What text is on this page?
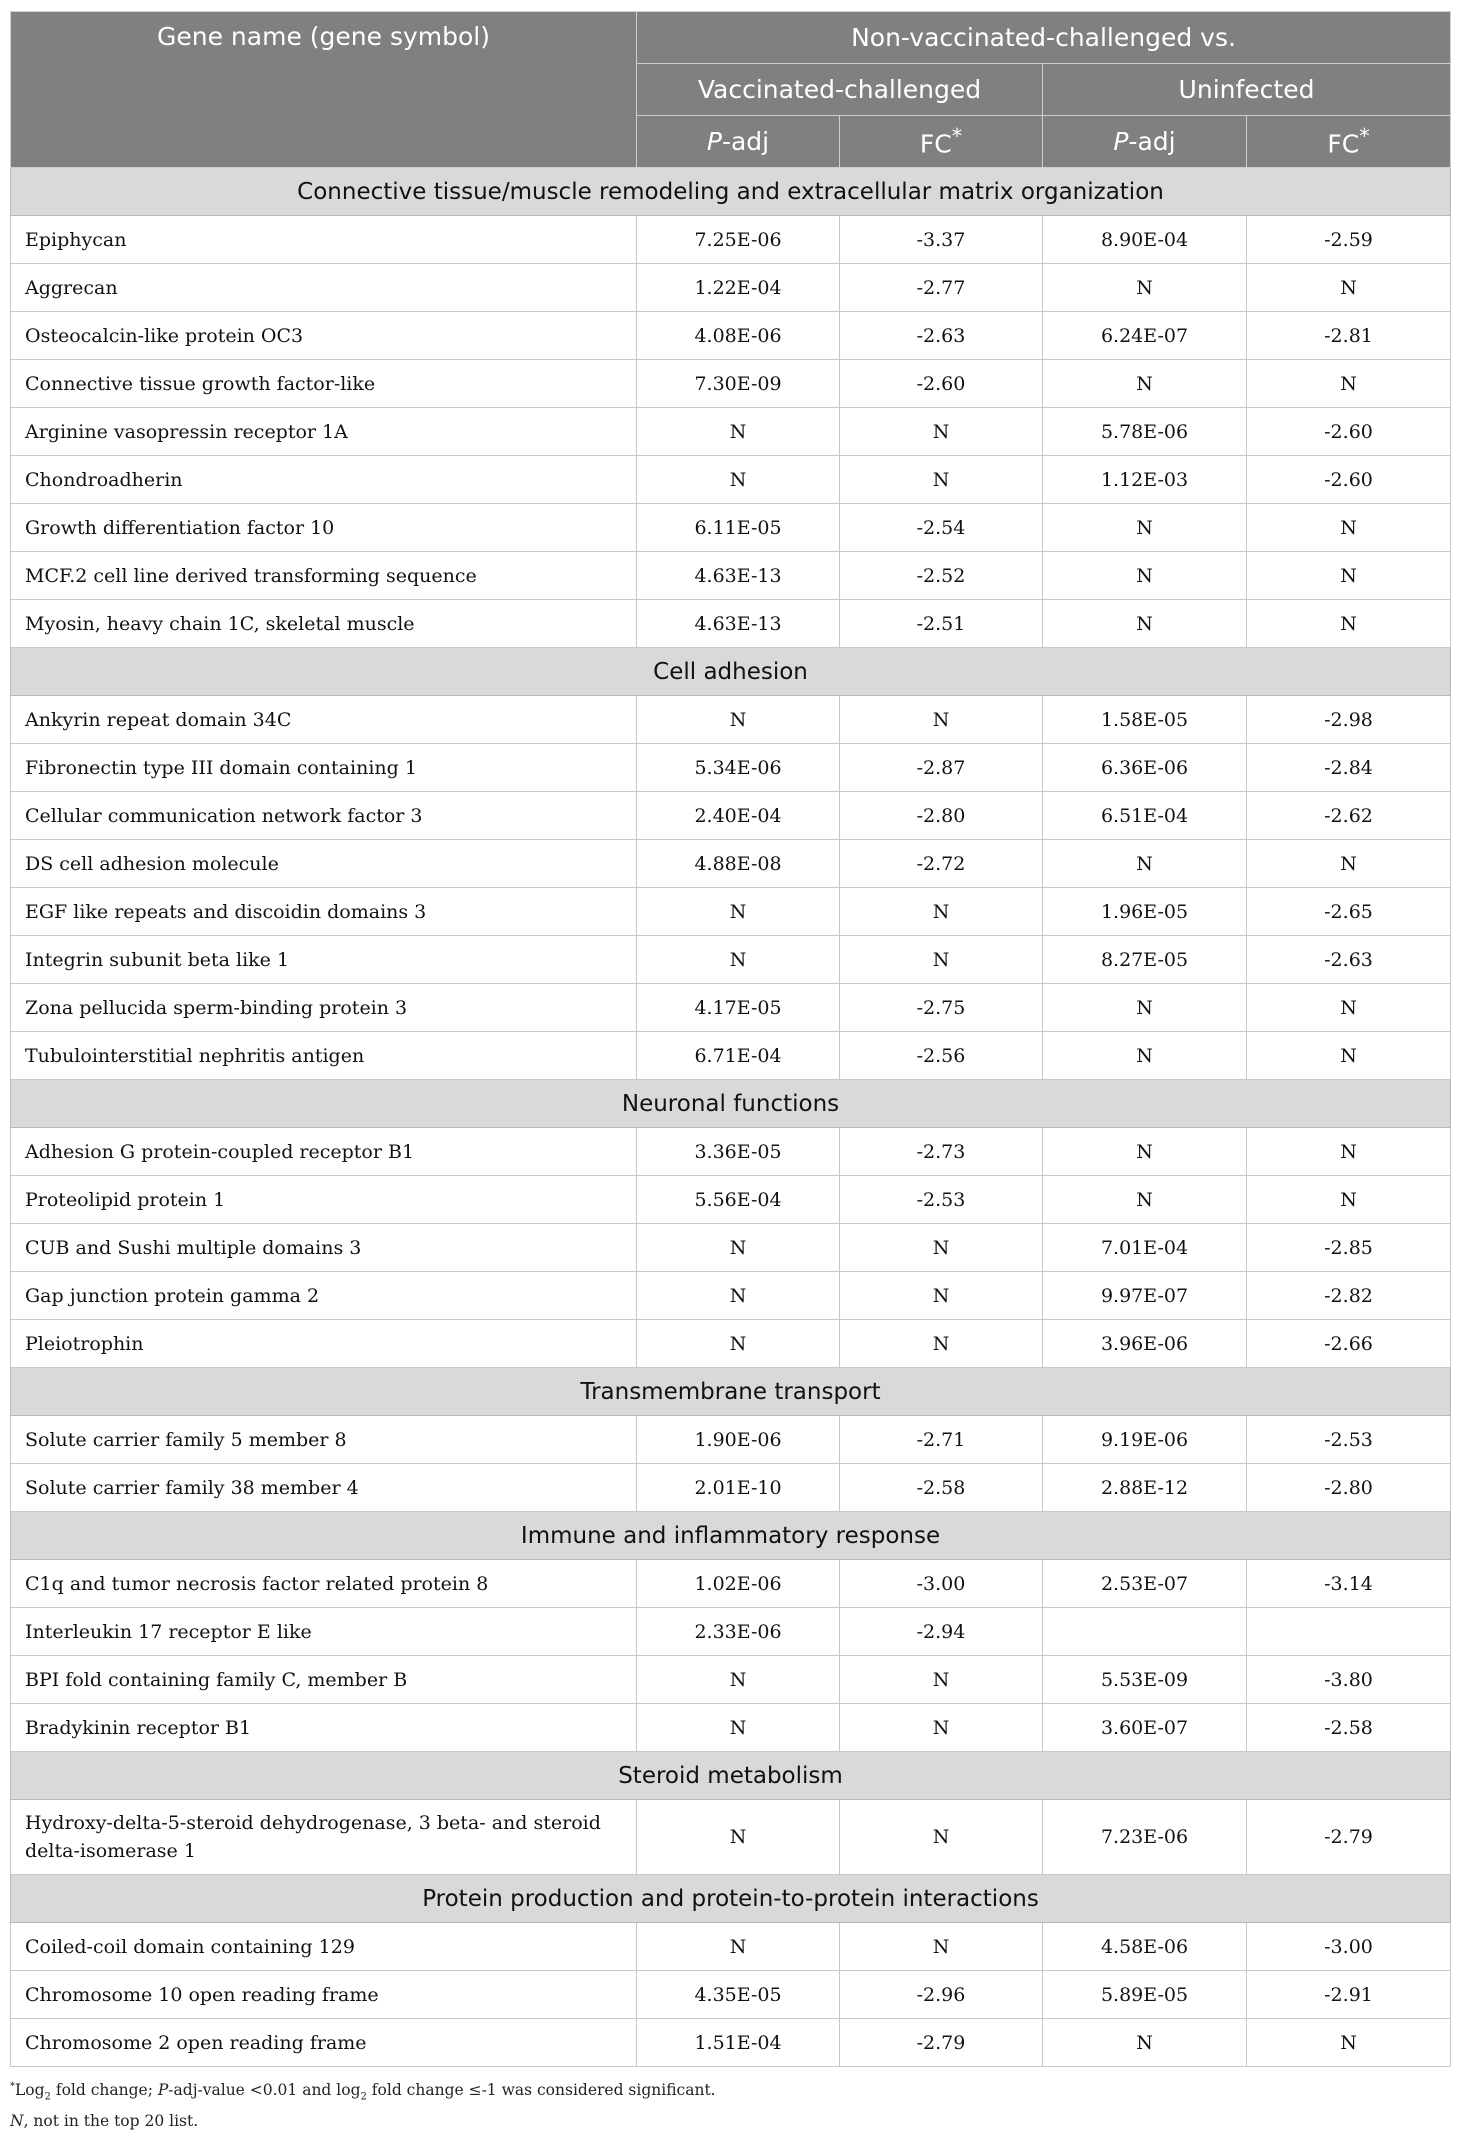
Gene name (gene symbol)	Non-vaccinated-challenged vs.			
	Vaccinated-challenged		Uninfected	
	P-adj	FC*	P-adj	FC*
Connective tissue/muscle remodeling and extracellular matrix organization				
Epiphycan	7.25E-06	-3.37	8.90E-04	-2.59
Aggrecan	1.22E-04	-2.77	N	N
Osteocalcin-like protein OC3	4.08E-06	-2.63	6.24E-07	-2.81
Connective tissue growth factor-like	7.30E-09	-2.60	N	N
Arginine vasopressin receptor 1A	N	N	5.78E-06	-2.60
Chondroadherin	N	N	1.12E-03	-2.60
Growth differentiation factor 10	6.11E-05	-2.54	N	N
MCF.2 cell line derived transforming sequence	4.63E-13	-2.52	N	N
Myosin, heavy chain 1C, skeletal muscle	4.63E-13	-2.51	N	N
Cell adhesion				
Ankyrin repeat domain 34C	N	N	1.58E-05	-2.98
Fibronectin type III domain containing 1	5.34E-06	-2.87	6.36E-06	-2.84
Cellular communication network factor 3	2.40E-04	-2.80	6.51E-04	-2.62
DS cell adhesion molecule	4.88E-08	-2.72	N	N
EGF like repeats and discoidin domains 3	N	N	1.96E-05	-2.65
Integrin subunit beta like 1	N	N	8.27E-05	-2.63
Zona pellucida sperm-binding protein 3	4.17E-05	-2.75	N	N
Tubulointerstitial nephritis antigen	6.71E-04	-2.56	N	N
Neuronal functions				
Adhesion G protein-coupled receptor B1	3.36E-05	-2.73	N	N
Proteolipid protein 1	5.56E-04	-2.53	N	N
CUB and Sushi multiple domains 3	N	N	7.01E-04	-2.85
Gap junction protein gamma 2	N	N	9.97E-07	-2.82
Pleiotrophin	N	N	3.96E-06	-2.66
Transmembrane transport				
Solute carrier family 5 member 8	1.90E-06	-2.71	9.19E-06	-2.53
Solute carrier family 38 member 4	2.01E-10	-2.58	2.88E-12	-2.80
Immune and inflammatory response				
C1q and tumor necrosis factor related protein 8	1.02E-06	-3.00	2.53E-07	-3.14
Interleukin 17 receptor E like	2.33E-06	-2.94		
BPI fold containing family C, member B	N	N	5.53E-09	-3.80
Bradykinin receptor B1	N	N	3.60E-07	-2.58
Steroid metabolism				
Hydroxy-delta-5-steroid dehydrogenase, 3 beta- and steroid delta-isomerase 1	N	N	7.23E-06	-2.79
Protein production and protein-to-protein interactions				
Coiled-coil domain containing 129	N	N	4.58E-06	-3.00
Chromosome 10 open reading frame	4.35E-05	-2.96	5.89E-05	-2.91
Chromosome 2 open reading frame	1.51E-04	-2.79	N	N
*Log$_2$ fold change; P-adj-value <0.01 and $\log_2$ fold change ≤-1 was considered significant.
N, not in the top 20 list.
